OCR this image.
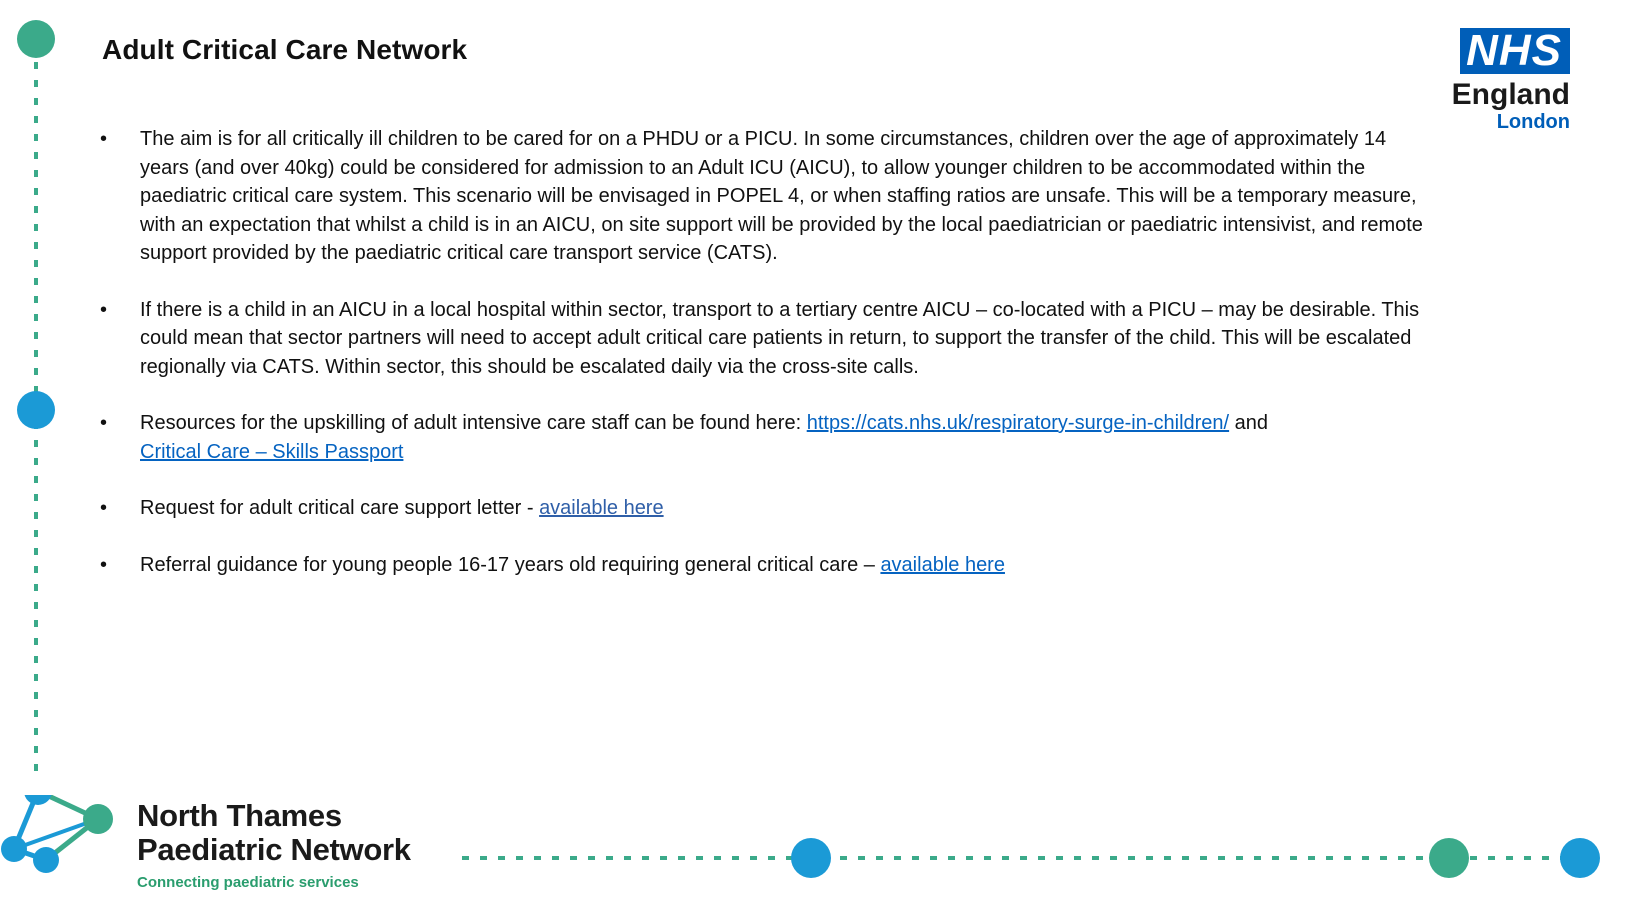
Adult Critical Care Network	NHS
England
London
•	The aim is for all critically ill children to be cared for on a PHDU or a PICU. In some circumstances, children over the age of approximately 14 years (and over 40kg) could be considered for admission to an Adult ICU (AICU), to allow younger children to be accommodated within the paediatric critical care system. This scenario will be envisaged in POPEL 4, or when staffing ratios are unsafe. This will be a temporary measure, with an expectation that whilst a child is in an AICU, on site support will be provided by the local paediatrician or paediatric intensivist, and remote support provided by the paediatric critical care transport service (CATS).
•	If there is a child in an AICU in a local hospital within sector, transport to a tertiary centre AICU – co-located with a PICU – may be desirable. This could mean that sector partners will need to accept adult critical care patients in return, to support the transfer of the child. This will be escalated regionally via CATS. Within sector, this should be escalated daily via the cross-site calls.
•	Resources for the upskilling of adult intensive care staff can be found here: https://cats.nhs.uk/respiratory-surge-in-children/ and
Critical Care – Skills Passport
•	Request for adult critical care support letter - available here
•	Referral guidance for young people 16-17 years old requiring general critical care – available here
North Thames
Paediatric Network
Connecting paediatric services
